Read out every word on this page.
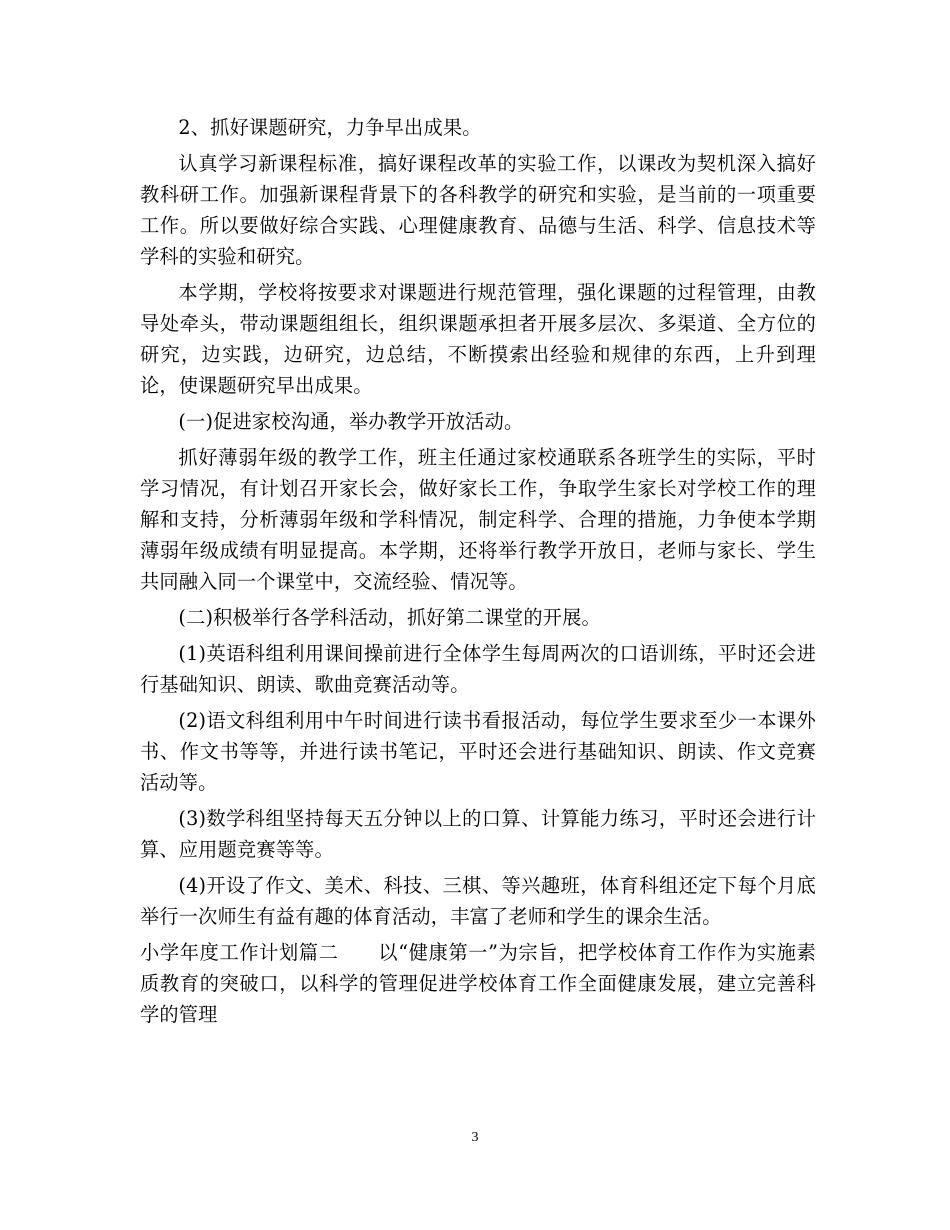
2、抓好课题研究，力争早出成果。

认真学习新课程标准，搞好课程改革的实验工作，以课改为契机深入搞好教科研工作。加强新课程背景下的各科教学的研究和实验，是当前的一项重要工作。所以要做好综合实践、心理健康教育、品德与生活、科学、信息技术等学科的实验和研究。

本学期，学校将按要求对课题进行规范管理，强化课题的过程管理，由教导处牵头，带动课题组组长，组织课题承担者开展多层次、多渠道、全方位的研究，边实践，边研究，边总结，不断摸索出经验和规律的东西，上升到理论，使课题研究早出成果。

(一)促进家校沟通，举办教学开放活动。

抓好薄弱年级的教学工作，班主任通过家校通联系各班学生的实际，平时学习情况，有计划召开家长会，做好家长工作，争取学生家长对学校工作的理解和支持，分析薄弱年级和学科情况，制定科学、合理的措施，力争使本学期薄弱年级成绩有明显提高。本学期，还将举行教学开放日，老师与家长、学生共同融入同一个课堂中，交流经验、情况等。

(二)积极举行各学科活动，抓好第二课堂的开展。

(1)英语科组利用课间操前进行全体学生每周两次的口语训练，平时还会进行基础知识、朗读、歌曲竞赛活动等。

(2)语文科组利用中午时间进行读书看报活动，每位学生要求至少一本课外书、作文书等等，并进行读书笔记，平时还会进行基础知识、朗读、作文竞赛活动等。

(3)数学科组坚持每天五分钟以上的口算、计算能力练习，平时还会进行计算、应用题竞赛等等。

(4)开设了作文、美术、科技、三棋、等兴趣班，体育科组还定下每个月底举行一次师生有益有趣的体育活动，丰富了老师和学生的课余生活。

小学年度工作计划篇二　　以“健康第一”为宗旨，把学校体育工作作为实施素质教育的突破口，以科学的管理促进学校体育工作全面健康发展，建立完善科学的管理

3
